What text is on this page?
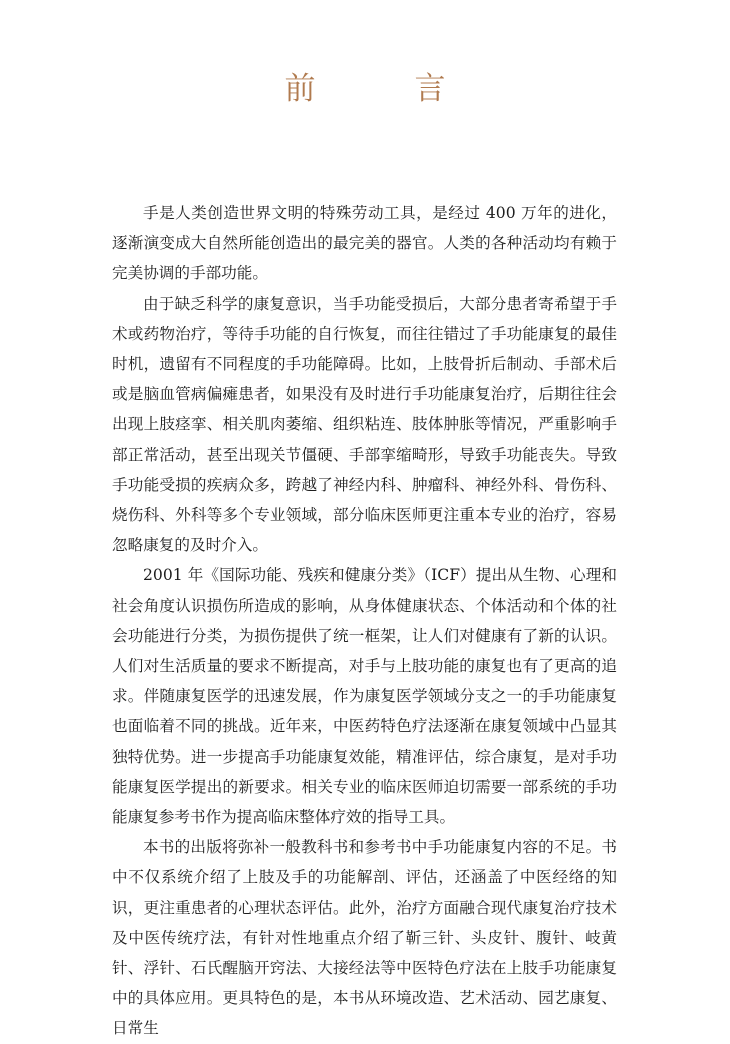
前　言

手是人类创造世界文明的特殊劳动工具，是经过 400 万年的进化，逐渐演变成大自然所能创造出的最完美的器官。人类的各种活动均有赖于完美协调的手部功能。

由于缺乏科学的康复意识，当手功能受损后，大部分患者寄希望于手术或药物治疗，等待手功能的自行恢复，而往往错过了手功能康复的最佳时机，遗留有不同程度的手功能障碍。比如，上肢骨折后制动、手部术后或是脑血管病偏瘫患者，如果没有及时进行手功能康复治疗，后期往往会出现上肢痉挛、相关肌肉萎缩、组织粘连、肢体肿胀等情况，严重影响手部正常活动，甚至出现关节僵硬、手部挛缩畸形，导致手功能丧失。导致手功能受损的疾病众多，跨越了神经内科、肿瘤科、神经外科、骨伤科、烧伤科、外科等多个专业领域，部分临床医师更注重本专业的治疗，容易忽略康复的及时介入。

2001 年《国际功能、残疾和健康分类》（ICF）提出从生物、心理和社会角度认识损伤所造成的影响，从身体健康状态、个体活动和个体的社会功能进行分类，为损伤提供了统一框架，让人们对健康有了新的认识。人们对生活质量的要求不断提高，对手与上肢功能的康复也有了更高的追求。伴随康复医学的迅速发展，作为康复医学领域分支之一的手功能康复也面临着不同的挑战。近年来，中医药特色疗法逐渐在康复领域中凸显其独特优势。进一步提高手功能康复效能，精准评估，综合康复，是对手功能康复医学提出的新要求。相关专业的临床医师迫切需要一部系统的手功能康复参考书作为提高临床整体疗效的指导工具。

本书的出版将弥补一般教科书和参考书中手功能康复内容的不足。书中不仅系统介绍了上肢及手的功能解剖、评估，还涵盖了中医经络的知识，更注重患者的心理状态评估。此外，治疗方面融合现代康复治疗技术及中医传统疗法，有针对性地重点介绍了靳三针、头皮针、腹针、岐黄针、浮针、石氏醒脑开窍法、大接经法等中医特色疗法在上肢手功能康复中的具体应用。更具特色的是，本书从环境改造、艺术活动、园艺康复、日常生
